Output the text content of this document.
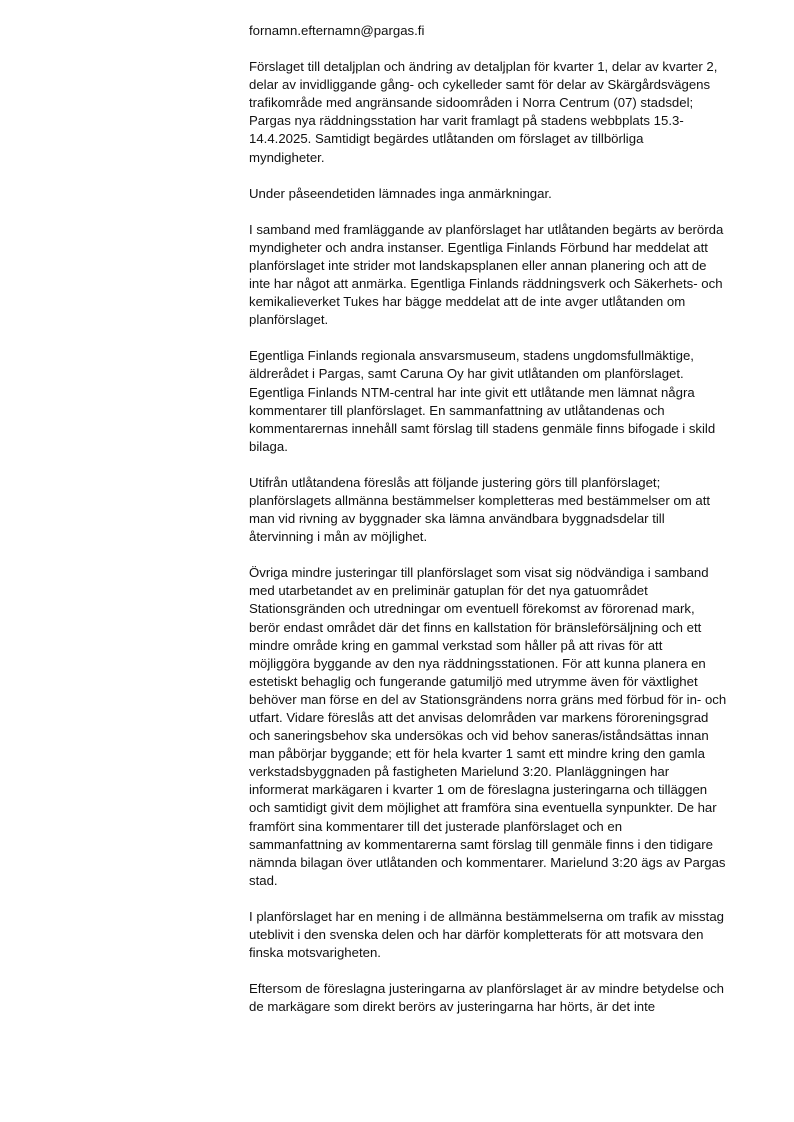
fornamn.efternamn@pargas.fi

Förslaget till detaljplan och ändring av detaljplan för kvarter 1, delar av kvarter 2,
delar av invidliggande gång- och cykelleder samt för delar av Skärgårdsvägens
trafikområde med angränsande sidoområden i Norra Centrum (07) stadsdel;
Pargas nya räddningsstation har varit framlagt på stadens webbplats 15.3-
14.4.2025. Samtidigt begärdes utlåtanden om förslaget av tillbörliga
myndigheter.

Under påseendetiden lämnades inga anmärkningar.

I samband med framläggande av planförslaget har utlåtanden begärts av berörda
myndigheter och andra instanser. Egentliga Finlands Förbund har meddelat att
planförslaget inte strider mot landskapsplanen eller annan planering och att de
inte har något att anmärka. Egentliga Finlands räddningsverk och Säkerhets- och
kemikalieverket Tukes har bägge meddelat att de inte avger utlåtanden om
planförslaget.

Egentliga Finlands regionala ansvarsmuseum, stadens ungdomsfullmäktige,
äldrerådet i Pargas, samt Caruna Oy har givit utlåtanden om planförslaget.
Egentliga Finlands NTM-central har inte givit ett utlåtande men lämnat några
kommentarer till planförslaget. En sammanfattning av utlåtandenas och
kommentarernas innehåll samt förslag till stadens genmäle finns bifogade i skild
bilaga.

Utifrån utlåtandena föreslås att följande justering görs till planförslaget;
planförslagets allmänna bestämmelser kompletteras med bestämmelser om att
man vid rivning av byggnader ska lämna användbara byggnadsdelar till
återvinning i mån av möjlighet.

Övriga mindre justeringar till planförslaget som visat sig nödvändiga i samband
med utarbetandet av en preliminär gatuplan för det nya gatuområdet
Stationsgränden och utredningar om eventuell förekomst av förorenad mark,
berör endast området där det finns en kallstation för bränsleförsäljning och ett
mindre område kring en gammal verkstad som håller på att rivas för att
möjliggöra byggande av den nya räddningsstationen. För att kunna planera en
estetiskt behaglig och fungerande gatumiljö med utrymme även för växtlighet
behöver man förse en del av Stationsgrändens norra gräns med förbud för in- och
utfart. Vidare föreslås att det anvisas delområden var markens föroreningsgrad
och saneringsbehov ska undersökas och vid behov saneras/iståndsättas innan
man påbörjar byggande; ett för hela kvarter 1 samt ett mindre kring den gamla
verkstadsbyggnaden på fastigheten Marielund 3:20. Planläggningen har
informerat markägaren i kvarter 1 om de föreslagna justeringarna och tilläggen
och samtidigt givit dem möjlighet att framföra sina eventuella synpunkter. De har
framfört sina kommentarer till det justerade planförslaget och en
sammanfattning av kommentarerna samt förslag till genmäle finns i den tidigare
nämnda bilagan över utlåtanden och kommentarer. Marielund 3:20 ägs av Pargas
stad.

I planförslaget har en mening i de allmänna bestämmelserna om trafik av misstag
uteblivit i den svenska delen och har därför kompletterats för att motsvara den
finska motsvarigheten.

Eftersom de föreslagna justeringarna av planförslaget är av mindre betydelse och
de markägare som direkt berörs av justeringarna har hörts, är det inte
